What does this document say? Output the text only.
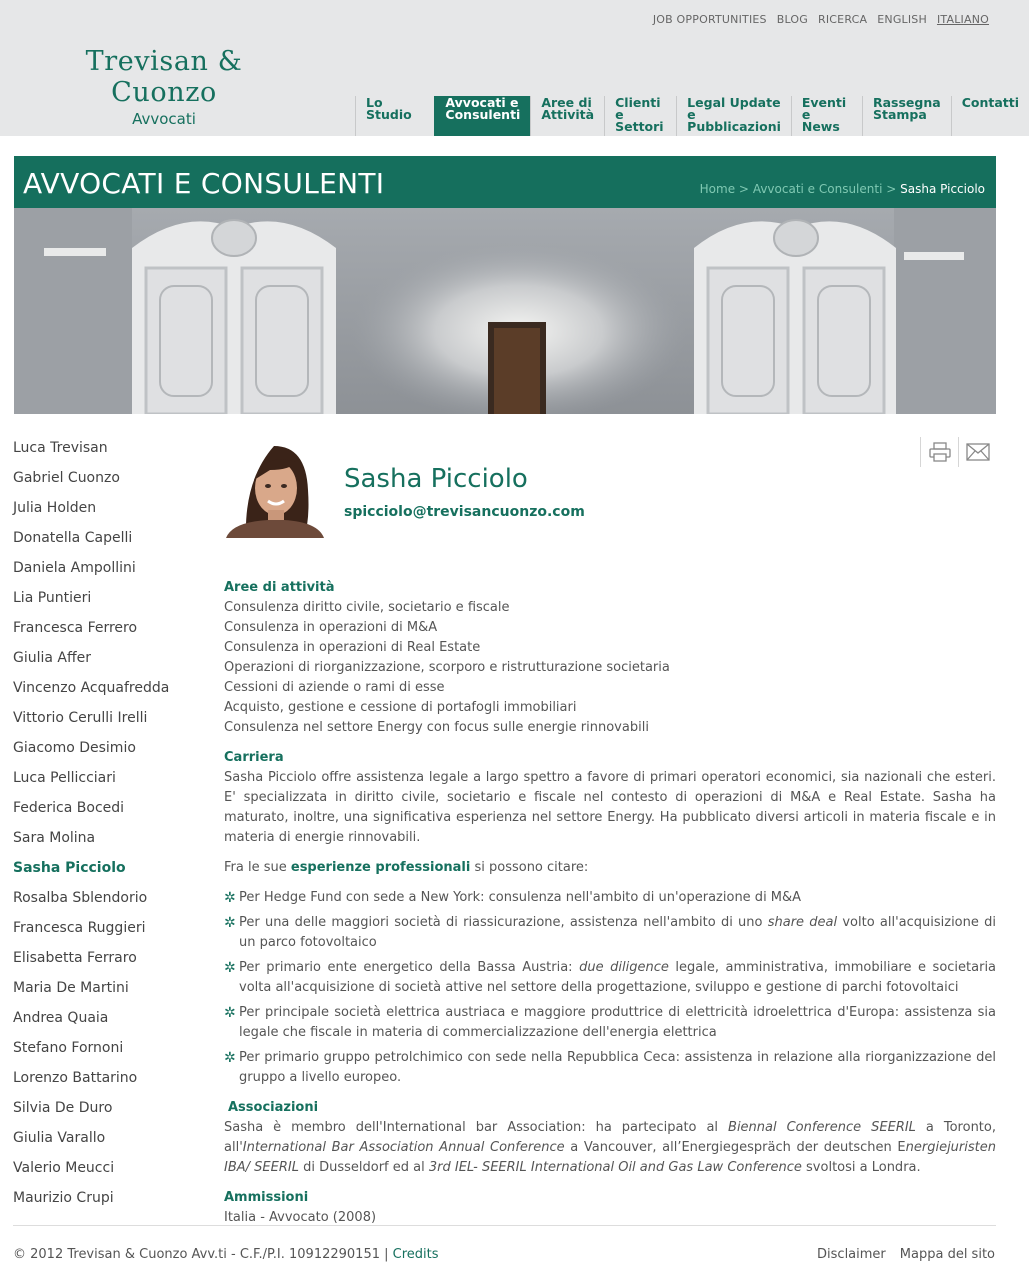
JOB OPPORTUNITIES BLOG RICERCA ENGLISH ITALIANO
Trevisan & Cuonzo
Avvocati
Lo Studio
Avvocati e
Consulenti
Aree di
Attività
Clienti e
Settori
Legal Update
e Pubblicazioni
Eventi e
News
Rassegna
Stampa
Contatti
AVVOCATI E CONSULENTI	Home > Avvocati e Consulenti > Sasha Picciolo
Luca Trevisan
Gabriel Cuonzo
Julia Holden
Donatella Capelli
Daniela Ampollini
Lia Puntieri
Francesca Ferrero
Giulia Affer
Vincenzo Acquafredda
Vittorio Cerulli Irelli
Giacomo Desimio
Luca Pellicciari
Federica Bocedi
Sara Molina
Sasha Picciolo
Rosalba Sblendorio
Francesca Ruggieri
Elisabetta Ferraro
Maria De Martini
Andrea Quaia
Stefano Fornoni
Lorenzo Battarino
Silvia De Duro
Giulia Varallo
Valerio Meucci
Maurizio Crupi
Sasha Picciolo
spicciolo@trevisancuonzo.com
Aree di attività
Consulenza diritto civile, societario e fiscale
Consulenza in operazioni di M&A
Consulenza in operazioni di Real Estate
Operazioni di riorganizzazione, scorporo e ristrutturazione societaria
Cessioni di aziende o rami di esse
Acquisto, gestione e cessione di portafogli immobiliari
Consulenza nel settore Energy con focus sulle energie rinnovabili
Carriera
Sasha Picciolo offre assistenza legale a largo spettro a favore di primari operatori economici, sia nazionali che esteri. E' specializzata in diritto civile, societario e fiscale nel contesto di operazioni di M&A e Real Estate. Sasha ha maturato, inoltre, una significativa esperienza nel settore Energy. Ha pubblicato diversi articoli in materia fiscale e in materia di energie rinnovabili.
Fra le sue esperienze professionali si possono citare:
✲ Per Hedge Fund con sede a New York: consulenza nell'ambito di un'operazione di M&A
✲ Per una delle maggiori società di riassicurazione, assistenza nell'ambito di uno share deal volto all'acquisizione di un parco fotovoltaico
✲ Per primario ente energetico della Bassa Austria: due diligence legale, amministrativa, immobiliare e societaria volta all'acquisizione di società attive nel settore della progettazione, sviluppo e gestione di parchi fotovoltaici
✲ Per principale società elettrica austriaca e maggiore produttrice di elettricità idroelettrica d'Europa: assistenza sia legale che fiscale in materia di commercializzazione dell'energia elettrica
✲ Per primario gruppo petrolchimico con sede nella Repubblica Ceca: assistenza in relazione alla riorganizzazione del gruppo a livello europeo.
Associazioni
Sasha è membro dell'International bar Association: ha partecipato al Biennal Conference SEERIL a Toronto, all'International Bar Association Annual Conference a Vancouver, all’Energiegespräch der deutschen Energiejuristen IBA/ SEERIL di Dusseldorf ed al 3rd IEL- SEERIL International Oil and Gas Law Conference svoltosi a Londra.
Ammissioni
Italia - Avvocato (2008)
© 2012 Trevisan & Cuonzo Avv.ti - C.F./P.I. 10912290151 | Credits	Disclaimer Mappa del sito
